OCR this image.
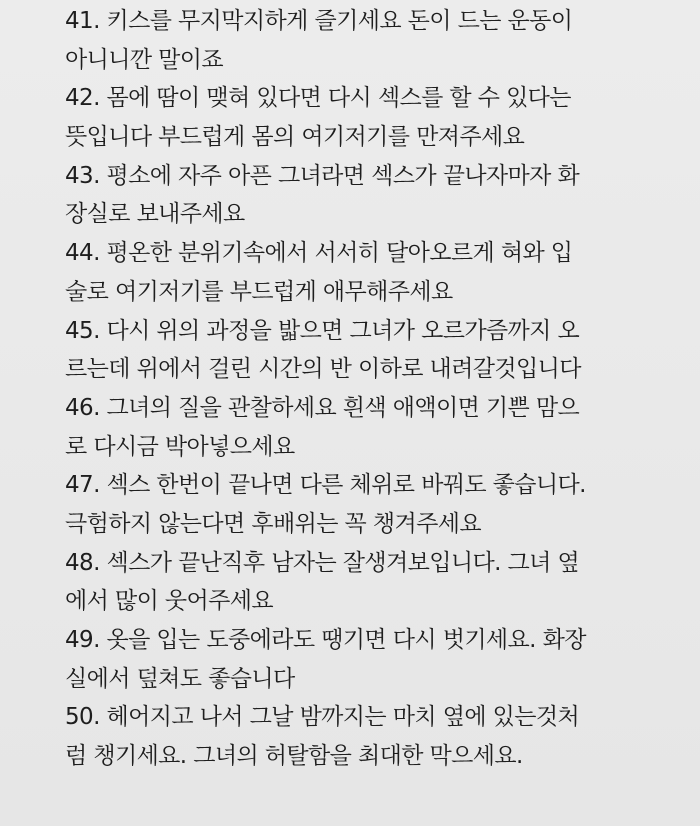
41. 키스를 무지막지하게 즐기세요 돈이 드는 운동이
아니니깐 말이죠
42. 몸에 땀이 맺혀 있다면 다시 섹스를 할 수 있다는
뜻입니다 부드럽게 몸의 여기저기를 만져주세요
43. 평소에 자주 아픈 그녀라면 섹스가 끝나자마자 화
장실로 보내주세요
44. 평온한 분위기속에서 서서히 달아오르게 혀와 입
술로 여기저기를 부드럽게 애무해주세요
45. 다시 위의 과정을 밟으면 그녀가 오르가즘까지 오
르는데 위에서 걸린 시간의 반 이하로 내려갈것입니다
46. 그녀의 질을 관찰하세요 흰색 애액이면 기쁜 맘으
로 다시금 박아넣으세요
47. 섹스 한번이 끝나면 다른 체위로 바꿔도 좋습니다.
극험하지 않는다면 후배위는 꼭 챙겨주세요
48. 섹스가 끝난직후 남자는 잘생겨보입니다. 그녀 옆
에서 많이 웃어주세요
49. 옷을 입는 도중에라도 땡기면 다시 벗기세요. 화장
실에서 덮쳐도 좋습니다
50. 헤어지고 나서 그날 밤까지는 마치 옆에 있는것처
럼 챙기세요. 그녀의 허탈함을 최대한 막으세요.
